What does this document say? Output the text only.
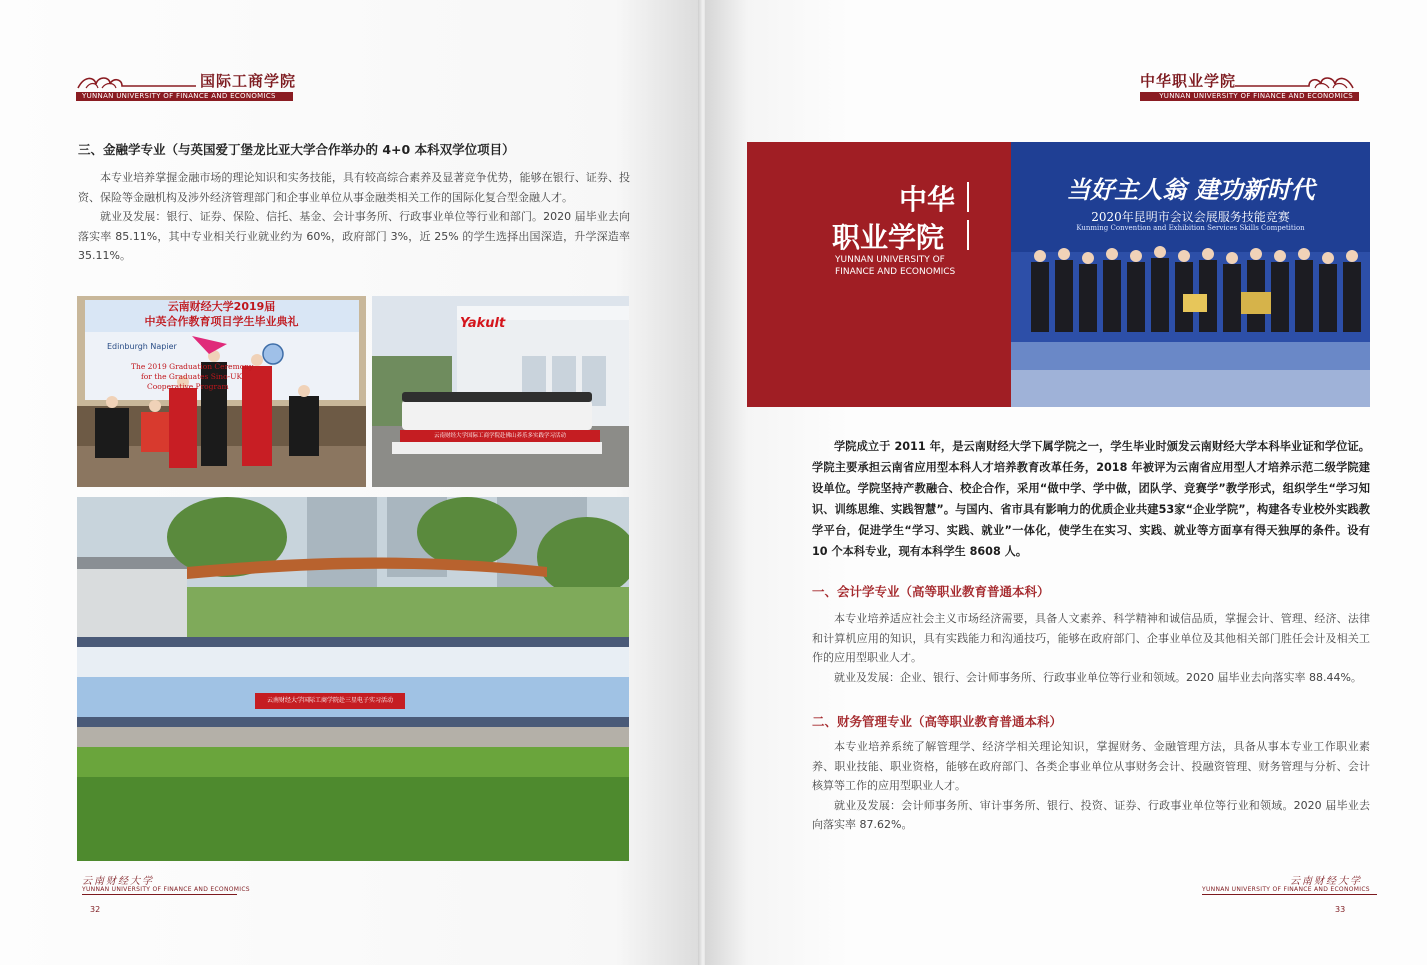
国际工商学院
YUNNAN UNIVERSITY OF FINANCE AND ECONOMICS
三、金融学专业（与英国爱丁堡龙比亚大学合作举办的 4+0 本科双学位项目）

本专业培养掌握金融市场的理论知识和实务技能，具有较高综合素养及显著竞争优势，能够在银行、证券、投资、保险等金融机构及涉外经济管理部门和企事业单位从事金融类相关工作的国际化复合型金融人才。

就业及发展：银行、证券、保险、信托、基金、会计事务所、行政事业单位等行业和部门。2020 届毕业去向落实率 85.11%，其中专业相关行业就业约为 60%，政府部门 3%，近 25% 的学生选择出国深造，升学深造率 35.11%。

云南财经大学2019届
中英合作教育项目学生毕业典礼
Edinburgh Napier
The 2019 Graduation Ceremony
for the Graduates Sino-UK
Cooperative Program
Yakult
云南财经大学国际工商学院赴佛山养乐多实践学习活动
云南财经大学国际工商学院赴三星电子实习活动
云南财经大学
YUNNAN UNIVERSITY OF FINANCE AND ECONOMICS
32
中华职业学院
YUNNAN UNIVERSITY OF FINANCE AND ECONOMICS
当好主人翁 建功新时代
2020年昆明市会议会展服务技能竞赛
Kunming Convention and Exhibition Services Skills Competition
中华
职业学院
YUNNAN UNIVERSITY OF
FINANCE AND ECONOMICS

学院成立于 2011 年，是云南财经大学下属学院之一，学生毕业时颁发云南财经大学本科毕业证和学位证。学院主要承担云南省应用型本科人才培养教育改革任务，2018 年被评为云南省应用型人才培养示范二级学院建设单位。学院坚持产教融合、校企合作，采用“做中学、学中做，团队学、竞赛学”教学形式，组织学生“学习知识、训练思维、实践智慧”。与国内、省市具有影响力的优质企业共建53家“企业学院”，构建各专业校外实践教学平台，促进学生“学习、实践、就业”一体化，使学生在实习、实践、就业等方面享有得天独厚的条件。设有 10 个本科专业，现有本科学生 8608 人。

一、会计学专业（高等职业教育普通本科）

本专业培养适应社会主义市场经济需要，具备人文素养、科学精神和诚信品质，掌握会计、管理、经济、法律和计算机应用的知识，具有实践能力和沟通技巧，能够在政府部门、企事业单位及其他相关部门胜任会计及相关工作的应用型职业人才。

就业及发展：企业、银行、会计师事务所、行政事业单位等行业和领域。2020 届毕业去向落实率 88.44%。

二、财务管理专业（高等职业教育普通本科）

本专业培养系统了解管理学、经济学相关理论知识，掌握财务、金融管理方法，具备从事本专业工作职业素养、职业技能、职业资格，能够在政府部门、各类企事业单位从事财务会计、投融资管理、财务管理与分析、会计核算等工作的应用型职业人才。

就业及发展：会计师事务所、审计事务所、银行、投资、证券、行政事业单位等行业和领域。2020 届毕业去向落实率 87.62%。

云南财经大学
YUNNAN UNIVERSITY OF FINANCE AND ECONOMICS
33
